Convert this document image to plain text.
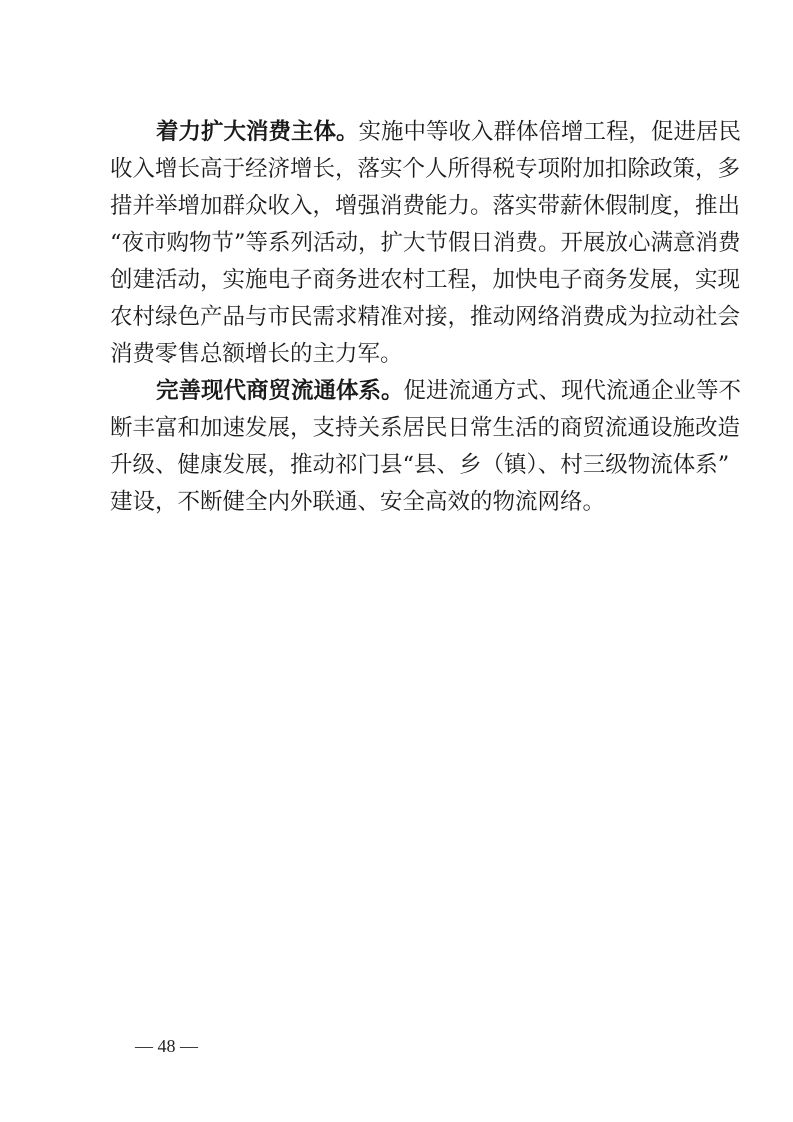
着力扩大消费主体。实施中等收入群体倍增工程，促进居民
收入增长高于经济增长，落实个人所得税专项附加扣除政策，多
措并举增加群众收入，增强消费能力。落实带薪休假制度，推出
“夜市购物节”等系列活动，扩大节假日消费。开展放心满意消费
创建活动，实施电子商务进农村工程，加快电子商务发展，实现
农村绿色产品与市民需求精准对接，推动网络消费成为拉动社会
消费零售总额增长的主力军。
完善现代商贸流通体系。促进流通方式、现代流通企业等不
断丰富和加速发展，支持关系居民日常生活的商贸流通设施改造
升级、健康发展，推动祁门县“县、乡（镇）、村三级物流体系”
建设，不断健全内外联通、安全高效的物流网络。
— 48 —
